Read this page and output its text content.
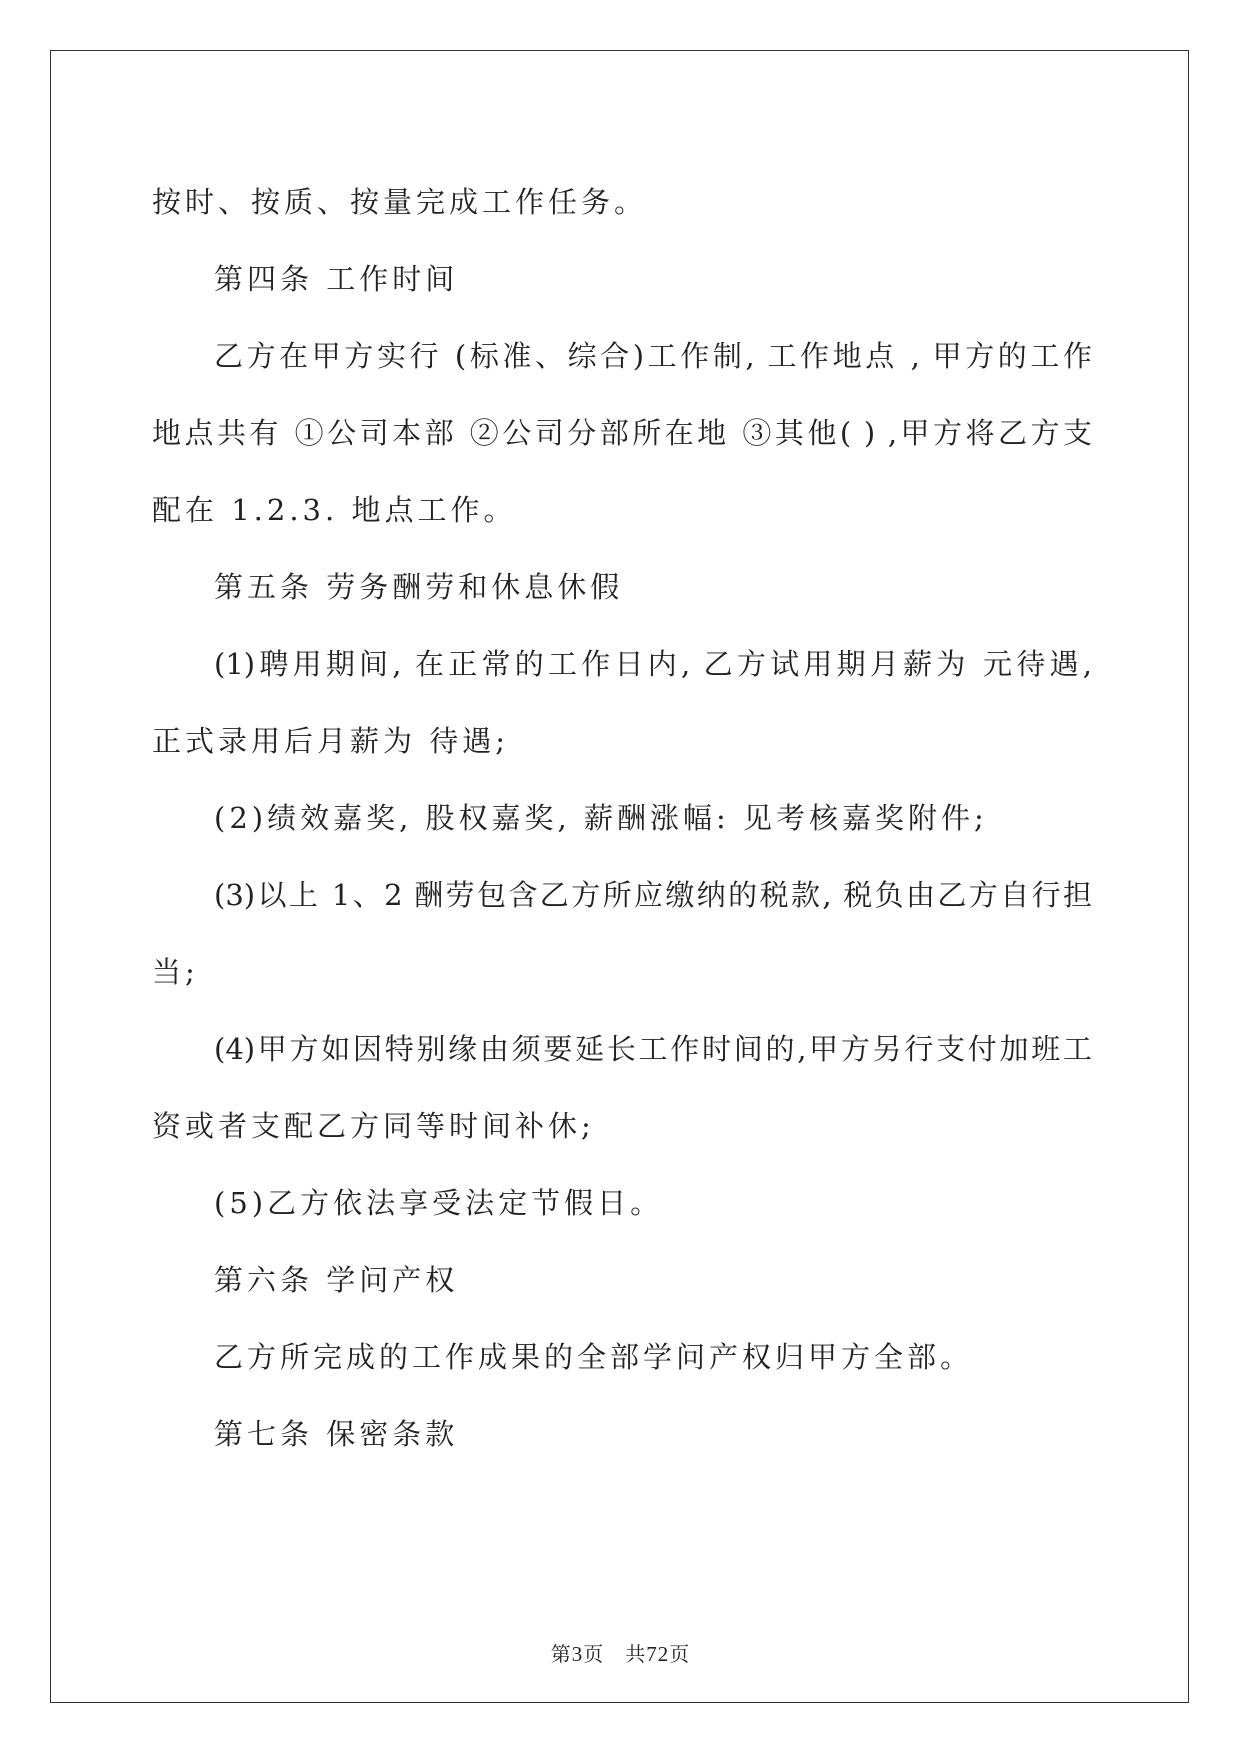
按时、按质、按量完成工作任务。
第四条 工作时间
乙方在甲方实行 (标准、综合)工作制, 工作地点 , 甲方的工作
地点共有 ①公司本部 ②公司分部所在地 ③其他( ) ,甲方将乙方支
配在 1.2.3. 地点工作。
第五条 劳务酬劳和休息休假
(1)聘用期间, 在正常的工作日内, 乙方试用期月薪为 元待遇,
正式录用后月薪为 待遇;
(2)绩效嘉奖, 股权嘉奖, 薪酬涨幅: 见考核嘉奖附件;
(3)以上 1、2 酬劳包含乙方所应缴纳的税款, 税负由乙方自行担
当;
(4)甲方如因特别缘由须要延长工作时间的,甲方另行支付加班工
资或者支配乙方同等时间补休;
(5)乙方依法享受法定节假日。
第六条 学问产权
乙方所完成的工作成果的全部学问产权归甲方全部。
第七条 保密条款
第3页　共72页
